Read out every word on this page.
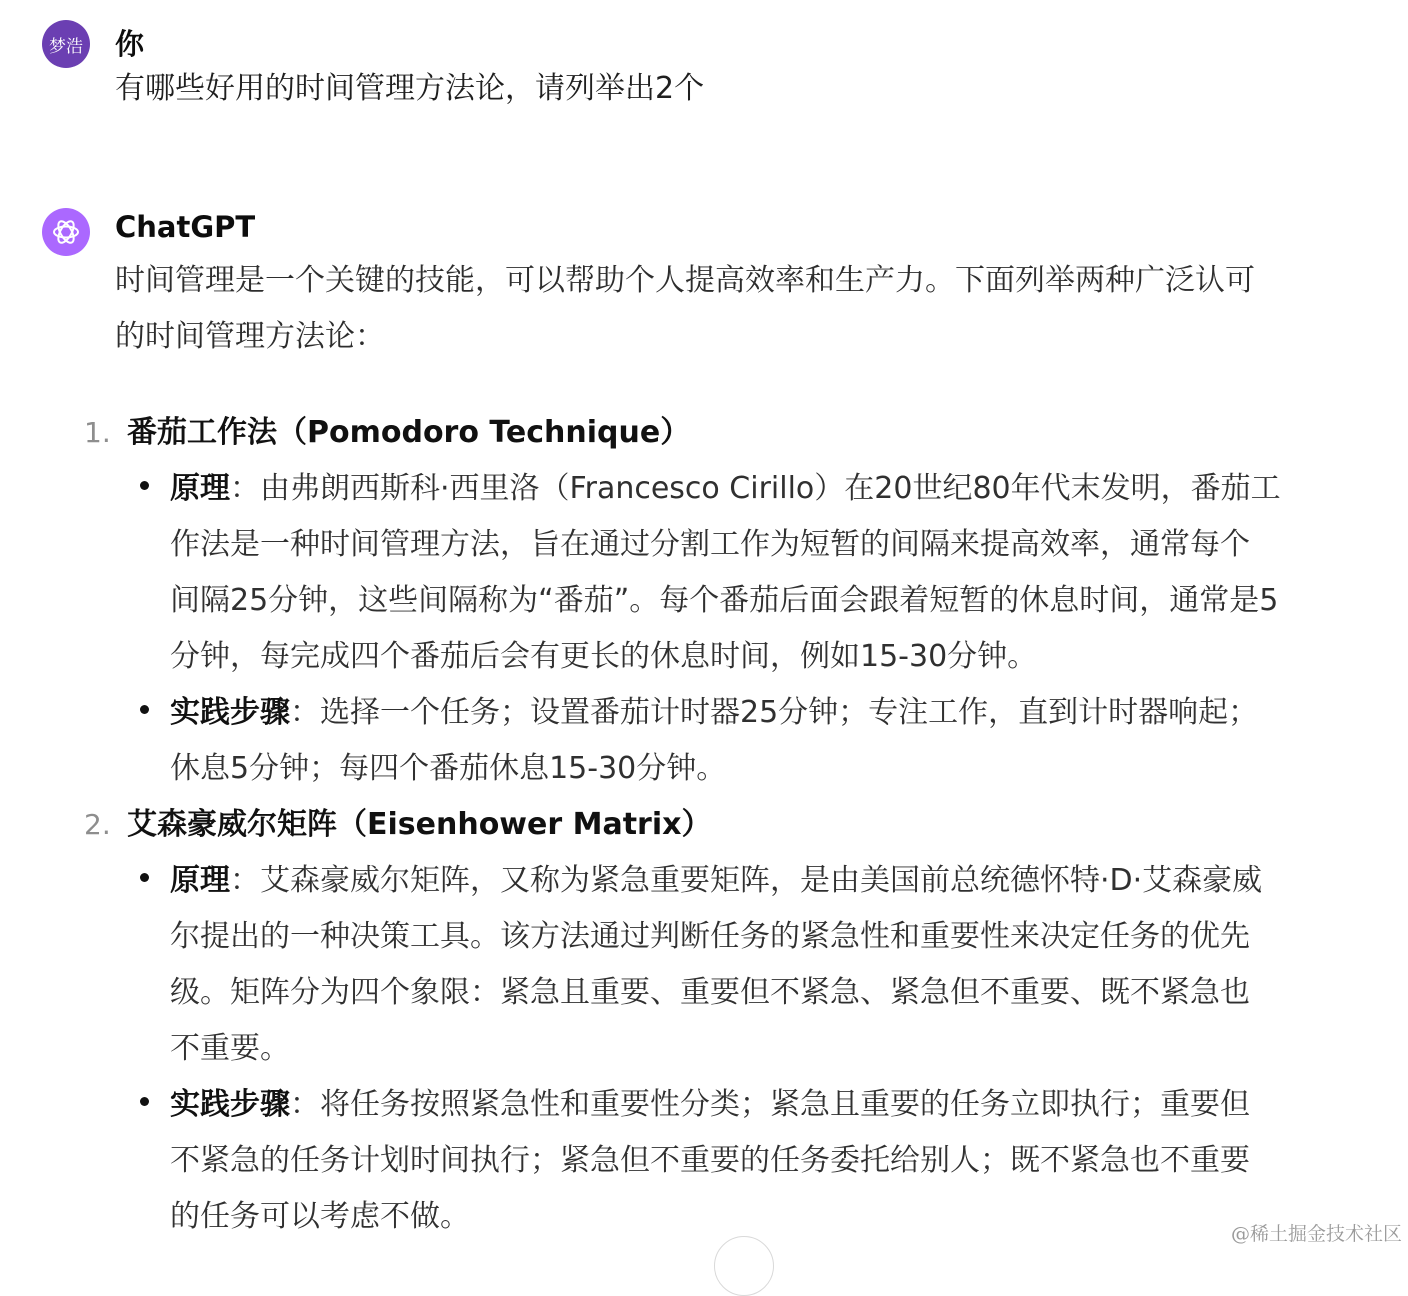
梦浩 你
有哪些好用的时间管理方法论，请列举出2个
ChatGPT
时间管理是一个关键的技能，可以帮助个人提高效率和生产力。下面列举两种广泛认可
的时间管理方法论：
1. 番茄工作法（Pomodoro Technique）
原理：由弗朗西斯科·西里洛（Francesco Cirillo）在20世纪80年代末发明，番茄工
作法是一种时间管理方法，旨在通过分割工作为短暂的间隔来提高效率，通常每个
间隔25分钟，这些间隔称为“番茄”。每个番茄后面会跟着短暂的休息时间，通常是5
分钟，每完成四个番茄后会有更长的休息时间，例如15-30分钟。
实践步骤：选择一个任务；设置番茄计时器25分钟；专注工作，直到计时器响起；
休息5分钟；每四个番茄休息15-30分钟。
2. 艾森豪威尔矩阵（Eisenhower Matrix）
原理：艾森豪威尔矩阵，又称为紧急重要矩阵，是由美国前总统德怀特·D·艾森豪威
尔提出的一种决策工具。该方法通过判断任务的紧急性和重要性来决定任务的优先
级。矩阵分为四个象限：紧急且重要、重要但不紧急、紧急但不重要、既不紧急也
不重要。
实践步骤：将任务按照紧急性和重要性分类；紧急且重要的任务立即执行；重要但
不紧急的任务计划时间执行；紧急但不重要的任务委托给别人；既不紧急也不重要
的任务可以考虑不做。	@稀土掘金技术社区
